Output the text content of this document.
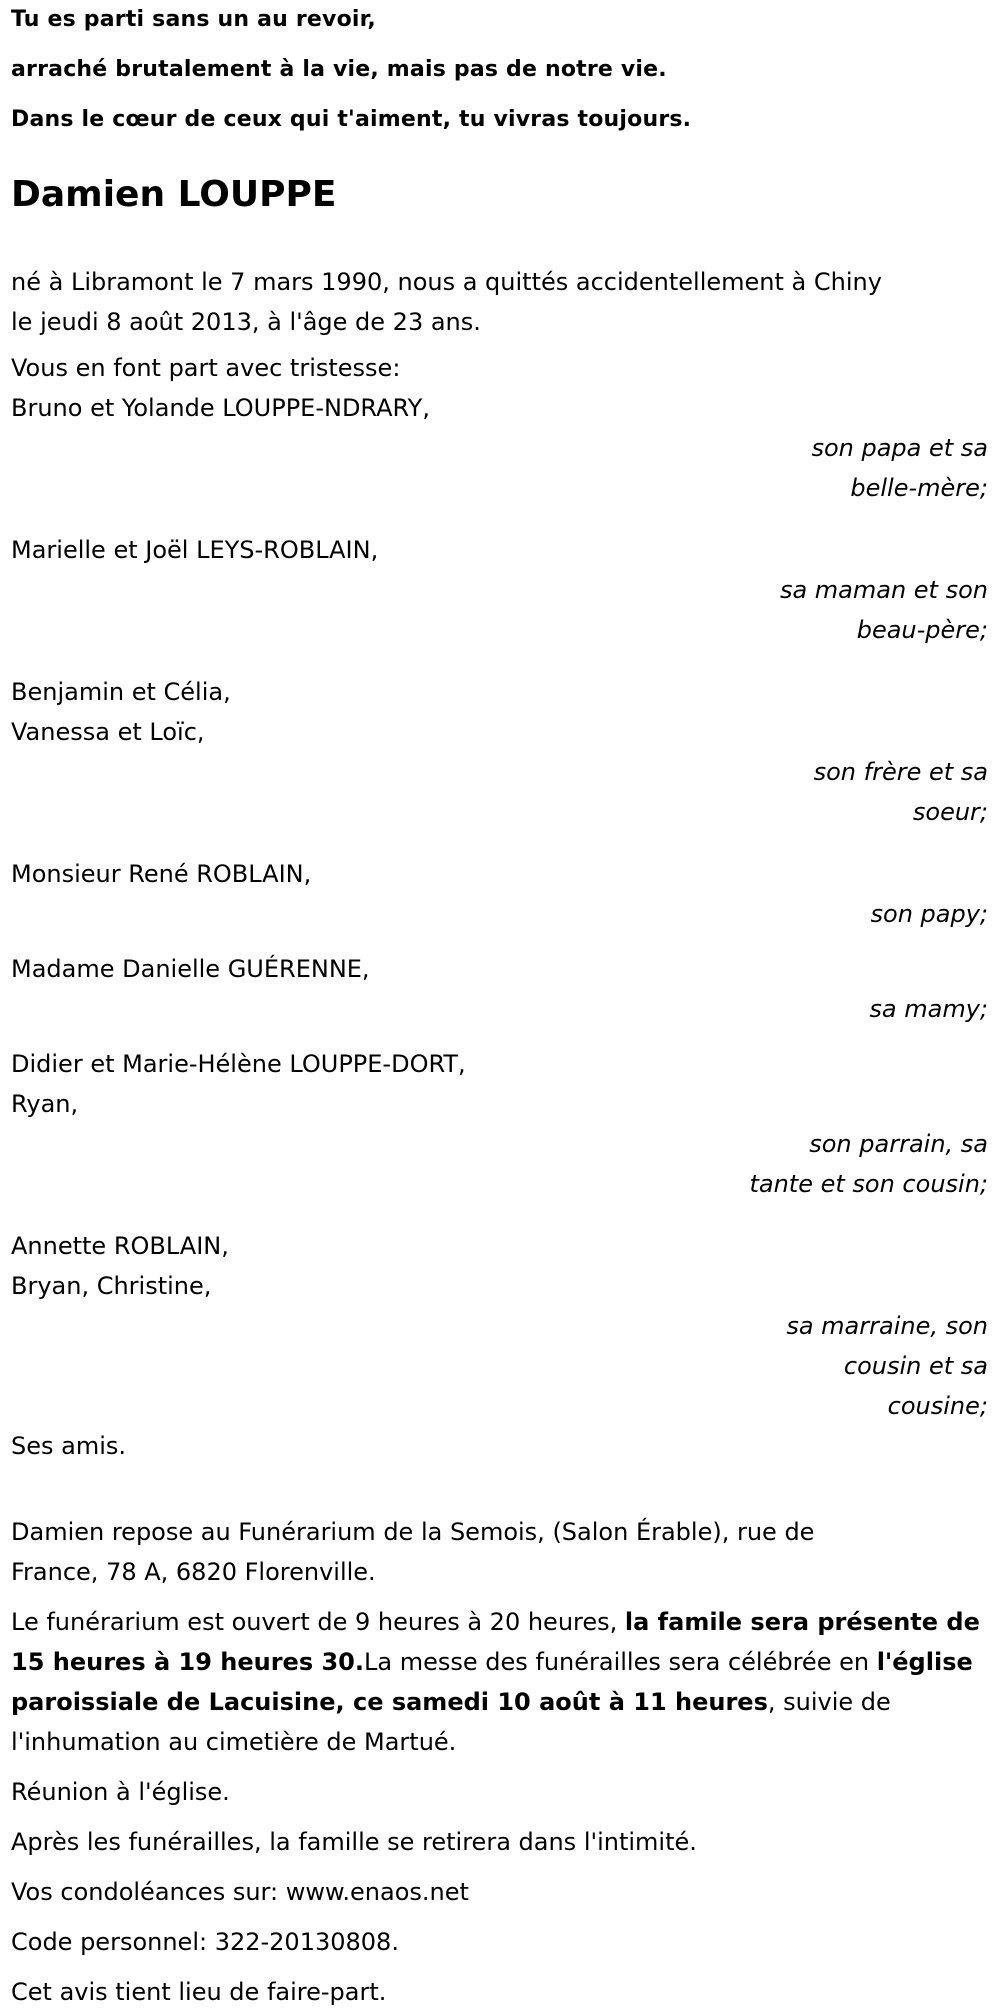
Tu es parti sans un au revoir,

arraché brutalement à la vie, mais pas de notre vie.

Dans le cœur de ceux qui t'aiment, tu vivras toujours.

Damien LOUPPE

né à Libramont le 7 mars 1990, nous a quittés accidentellement à Chiny

le jeudi 8 août 2013, à l'âge de 23 ans.

Vous en font part avec tristesse:

Bruno et Yolande LOUPPE-NDRARY,

son papa et sa
belle-mère;

Marielle et Joël LEYS-ROBLAIN,

sa maman et son
beau-père;

Benjamin et Célia,

Vanessa et Loïc,

son frère et sa
soeur;

Monsieur René ROBLAIN,

son papy;

Madame Danielle GUÉRENNE,

sa mamy;

Didier et Marie-Hélène LOUPPE-DORT,

Ryan,

son parrain, sa
tante et son cousin;

Annette ROBLAIN,

Bryan, Christine,

sa marraine, son
cousin et sa
cousine;

Ses amis.

Damien repose au Funérarium de la Semois, (Salon Érable), rue de
France, 78 A, 6820 Florenville.

Le funérarium est ouvert de 9 heures à 20 heures, la famile sera présente de 15 heures à 19 heures 30.La messe des funérailles sera célébrée en l'église paroissiale de Lacuisine, ce samedi 10 août à 11 heures, suivie de l'inhumation au cimetière de Martué.

Réunion à l'église.

Après les funérailles, la famille se retirera dans l'intimité.

Vos condoléances sur: www.enaos.net

Code personnel: 322-20130808.

Cet avis tient lieu de faire-part.
